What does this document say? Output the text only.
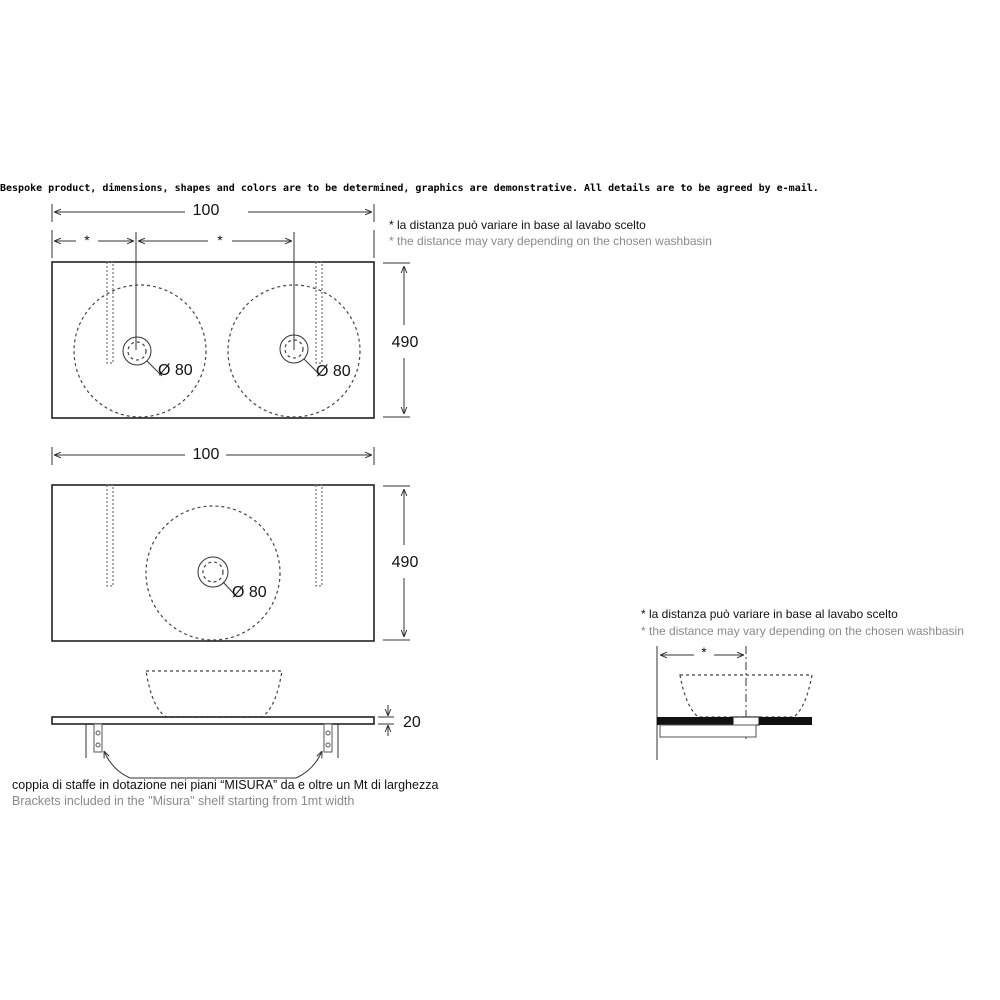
Bespoke product, dimensions, shapes and colors are to be determined, graphics are demonstrative. All details are to be agreed by e-mail.
100
*	*
Ø 80	Ø 80
490
* la distanza può variare in base al lavabo scelto
* the distance may vary depending on the chosen washbasin
100
Ø 80
490
20
coppia di staffe in dotazione nei piani “MISURA” da e oltre un Mt di larghezza
Brackets included in the "Misura" shelf starting from 1mt width
* la distanza può variare in base al lavabo scelto
* the distance may vary depending on the chosen washbasin
*
